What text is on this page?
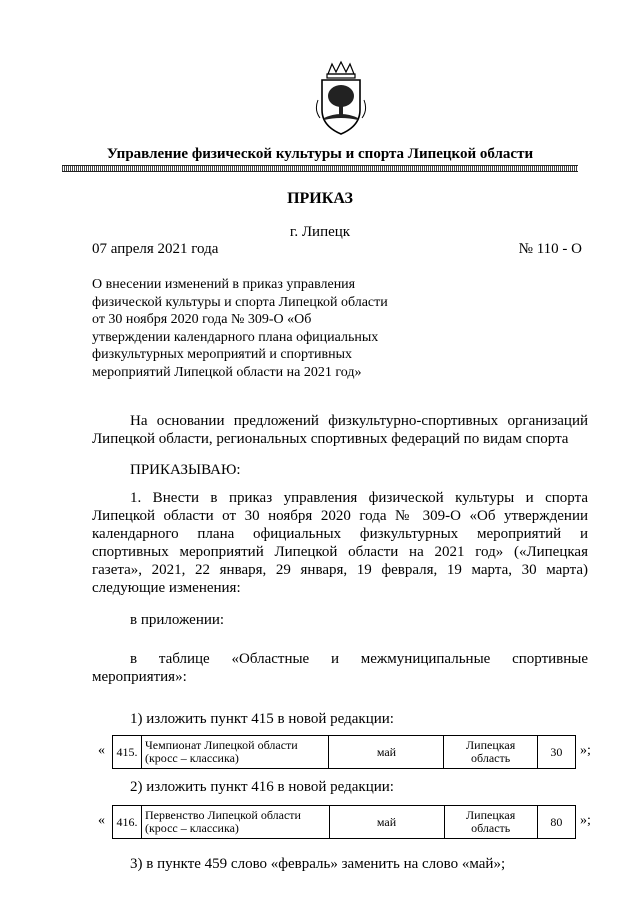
Управление физической культуры и спорта Липецкой области
ПРИКАЗ
г. Липецк
07 апреля 2021 года	№ 110 - О
О внесении изменений в приказ управления физической культуры и спорта Липецкой области от 30 ноября 2020 года № 309-О «Об утверждении календарного плана официальных физкультурных мероприятий и спортивных мероприятий Липецкой области на 2021 год»
На основании предложений физкультурно-спортивных организаций Липецкой области, региональных спортивных федераций по видам спорта
ПРИКАЗЫВАЮ:
1. Внести в приказ управления физической культуры и спорта Липецкой области от 30 ноября 2020 года № 309-О «Об утверждении календарного плана официальных физкультурных мероприятий и спортивных мероприятий Липецкой области на 2021 год» («Липецкая газета», 2021, 22 января, 29 января, 19 февраля, 19 марта, 30 марта) следующие изменения:
в приложении:
в таблице «Областные и межмуниципальные спортивные мероприятия»:
1) изложить пункт 415 в новой редакции:
« 415.	Чемпионат Липецкой области (кросс – классика)	май	Липецкая область	30 »;
2) изложить пункт 416 в новой редакции:
« 416.	Первенство Липецкой области (кросс – классика)	май	Липецкая область	80 »;
3) в пункте 459 слово «февраль» заменить на слово «май»;
